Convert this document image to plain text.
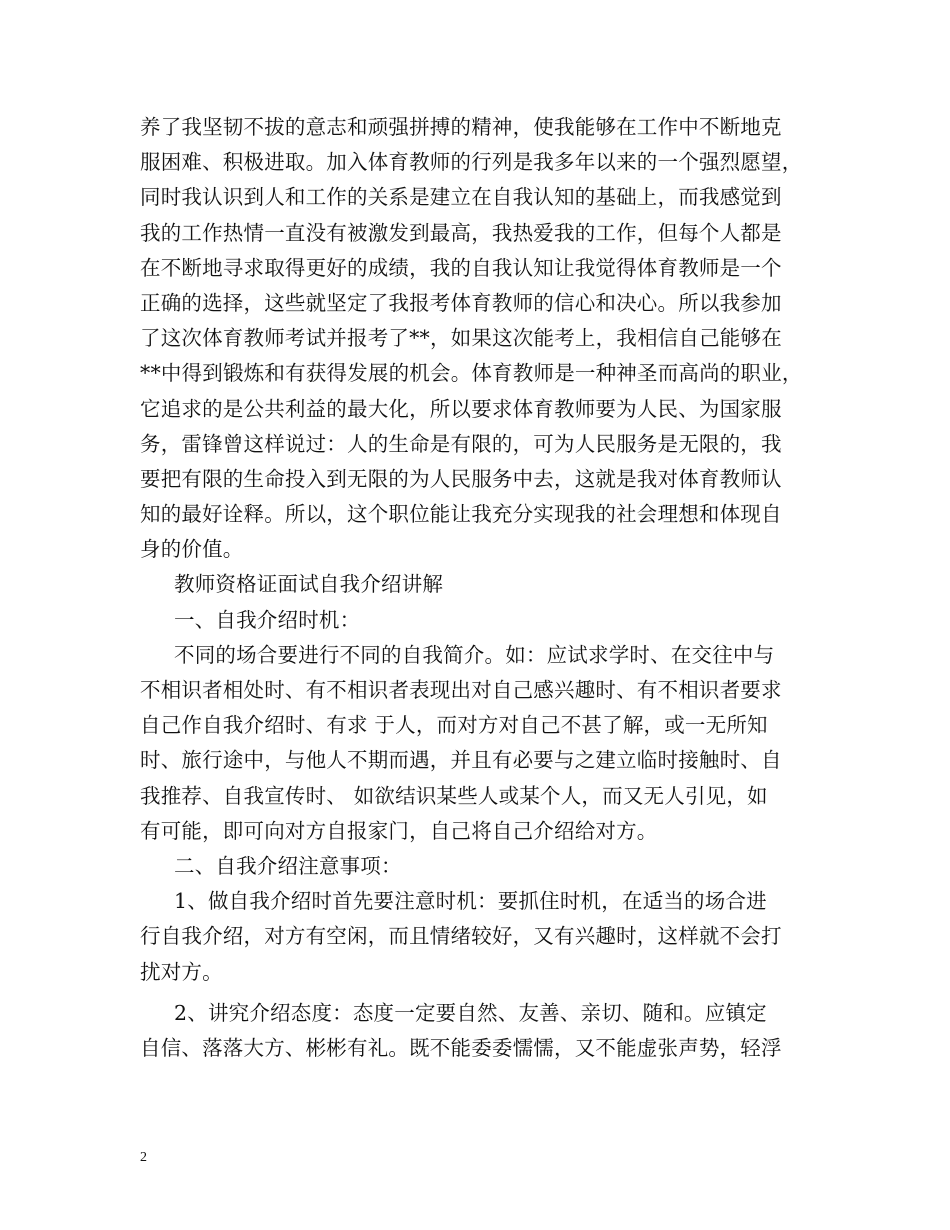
养了我坚韧不拔的意志和顽强拼搏的精神，使我能够在工作中不断地克
服困难、积极进取。加入体育教师的行列是我多年以来的一个强烈愿望，
同时我认识到人和工作的关系是建立在自我认知的基础上，而我感觉到
我的工作热情一直没有被激发到最高，我热爱我的工作，但每个人都是
在不断地寻求取得更好的成绩，我的自我认知让我觉得体育教师是一个
正确的选择，这些就坚定了我报考体育教师的信心和决心。所以我参加
了这次体育教师考试并报考了**，如果这次能考上，我相信自己能够在
**中得到锻炼和有获得发展的机会。体育教师是一种神圣而高尚的职业，
它追求的是公共利益的最大化，所以要求体育教师要为人民、为国家服
务，雷锋曾这样说过：人的生命是有限的，可为人民服务是无限的，我
要把有限的生命投入到无限的为人民服务中去，这就是我对体育教师认
知的最好诠释。所以，这个职位能让我充分实现我的社会理想和体现自
身的价值。
教师资格证面试自我介绍讲解
一、自我介绍时机：
不同的场合要进行不同的自我简介。如：应试求学时、在交往中与
不相识者相处时、有不相识者表现出对自己感兴趣时、有不相识者要求
自己作自我介绍时、有求 于人，而对方对自己不甚了解，或一无所知
时、旅行途中，与他人不期而遇，并且有必要与之建立临时接触时、自
我推荐、自我宣传时、 如欲结识某些人或某个人，而又无人引见，如
有可能，即可向对方自报家门，自己将自己介绍给对方。
二、自我介绍注意事项：
1、做自我介绍时首先要注意时机：要抓住时机，在适当的场合进
行自我介绍，对方有空闲，而且情绪较好，又有兴趣时，这样就不会打
扰对方。
2、讲究介绍态度：态度一定要自然、友善、亲切、随和。应镇定
自信、落落大方、彬彬有礼。既不能委委懦懦，又不能虚张声势，轻浮
2
